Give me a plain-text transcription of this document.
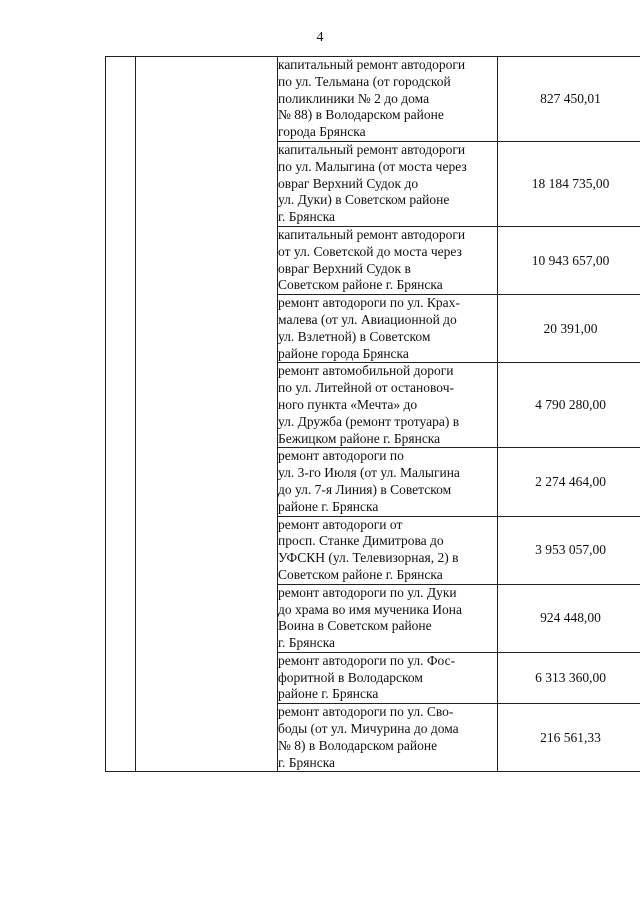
4

		капитальный ремонт автодороги
по ул. Тельмана (от городской
поликлиники № 2 до дома
№ 88) в Володарском районе
города Брянска	827 450,01

		капитальный ремонт автодороги
по ул. Малыгина (от моста через
овраг Верхний Судок до
ул. Дуки) в Советском районе
г. Брянска	18 184 735,00

		капитальный ремонт автодороги
от ул. Советской до моста через
овраг Верхний Судок в
Советском районе г. Брянска	10 943 657,00

		ремонт автодороги по ул. Крах-
малева (от ул. Авиационной до
ул. Взлетной) в Советском
районе города Брянска	20 391,00

		ремонт автомобильной дороги
по ул. Литейной от остановоч-
ного пункта «Мечта» до
ул. Дружба (ремонт тротуара) в
Бежицком районе г. Брянска	4 790 280,00

		ремонт автодороги по
ул. 3-го Июля (от ул. Малыгина
до ул. 7-я Линия) в Советском
районе г. Брянска	2 274 464,00

		ремонт автодороги от
просп. Станке Димитрова до
УФСКН (ул. Телевизорная, 2) в
Советском районе г. Брянска	3 953 057,00

		ремонт автодороги по ул. Дуки
до храма во имя мученика Иона
Воина в Советском районе
г. Брянска	924 448,00

		ремонт автодороги по ул. Фос-
форитной в Володарском
районе г. Брянска	6 313 360,00

		ремонт автодороги по ул. Сво-
боды (от ул. Мичурина до дома
№ 8) в Володарском районе
г. Брянска	216 561,33
